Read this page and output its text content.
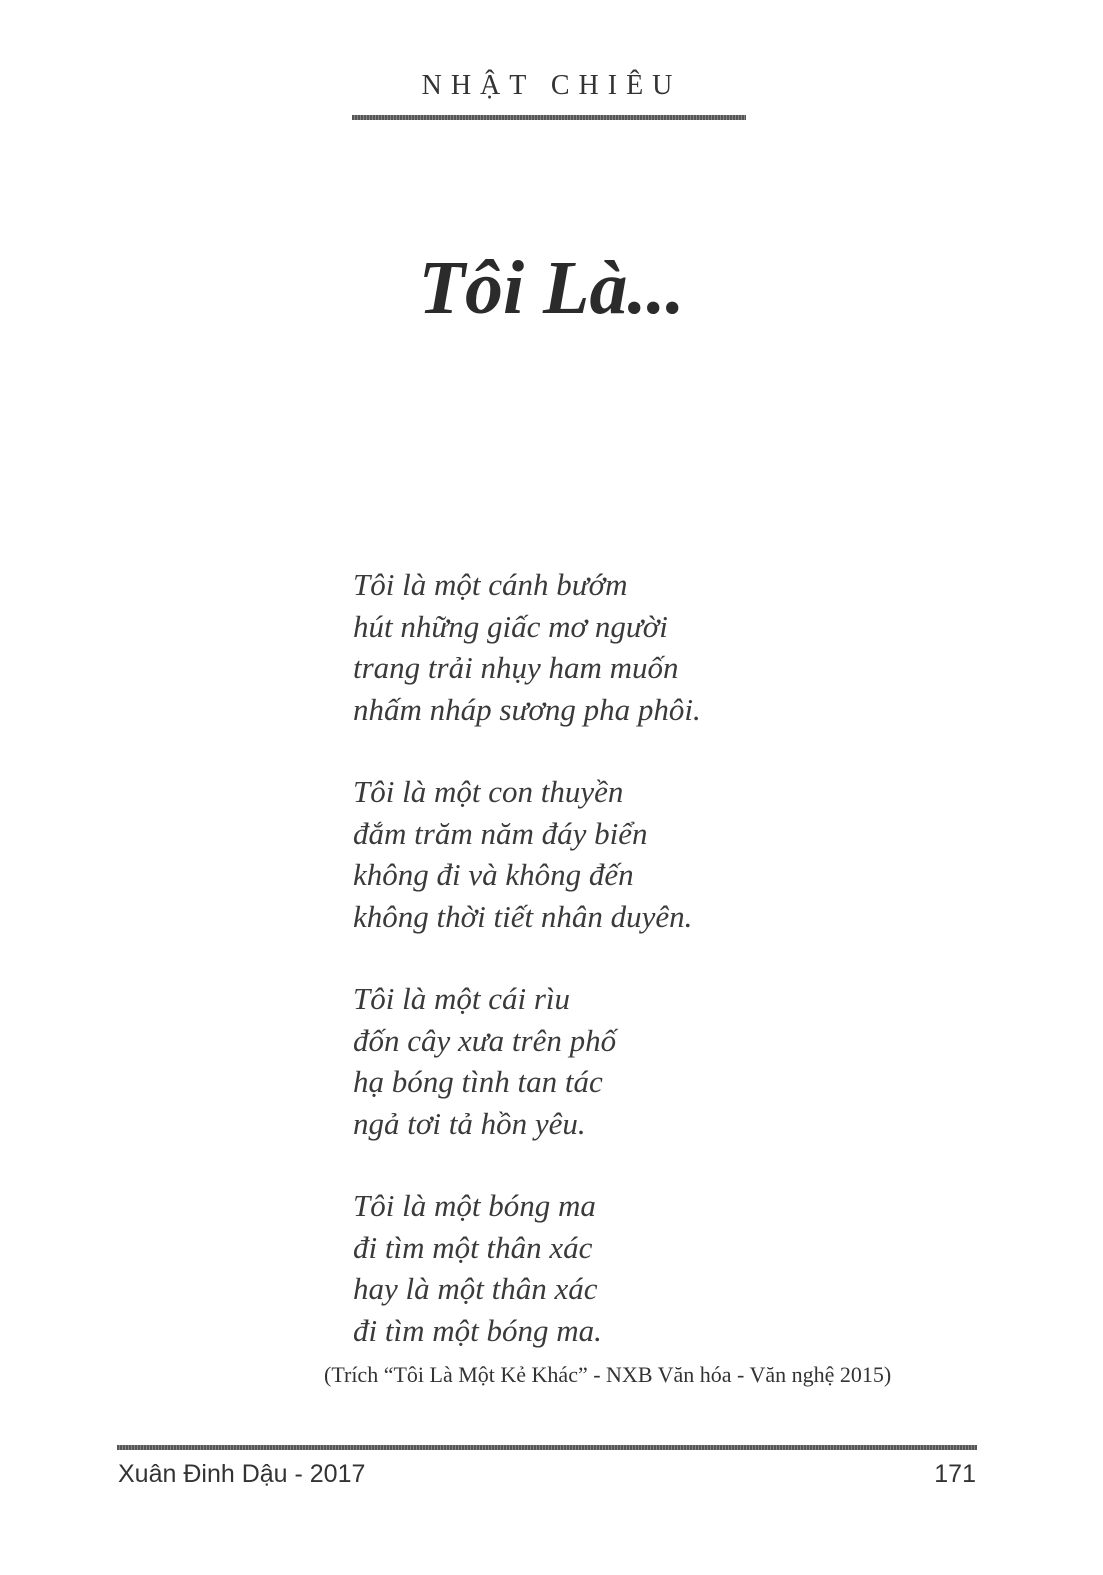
NHẬT CHIÊU
Tôi Là...
Tôi là một cánh bướm
hút những giấc mơ người
trang trải nhụy ham muốn
nhấm nháp sương pha phôi.
Tôi là một con thuyền
đắm trăm năm đáy biển
không đi và không đến
không thời tiết nhân duyên.
Tôi là một cái rìu
đốn cây xưa trên phố
hạ bóng tình tan tác
ngả tơi tả hồn yêu.
Tôi là một bóng ma
đi tìm một thân xác
hay là một thân xác
đi tìm một bóng ma.
(Trích “Tôi Là Một Kẻ Khác” - NXB Văn hóa - Văn nghệ 2015)
Xuân Đinh Dậu - 2017	171
